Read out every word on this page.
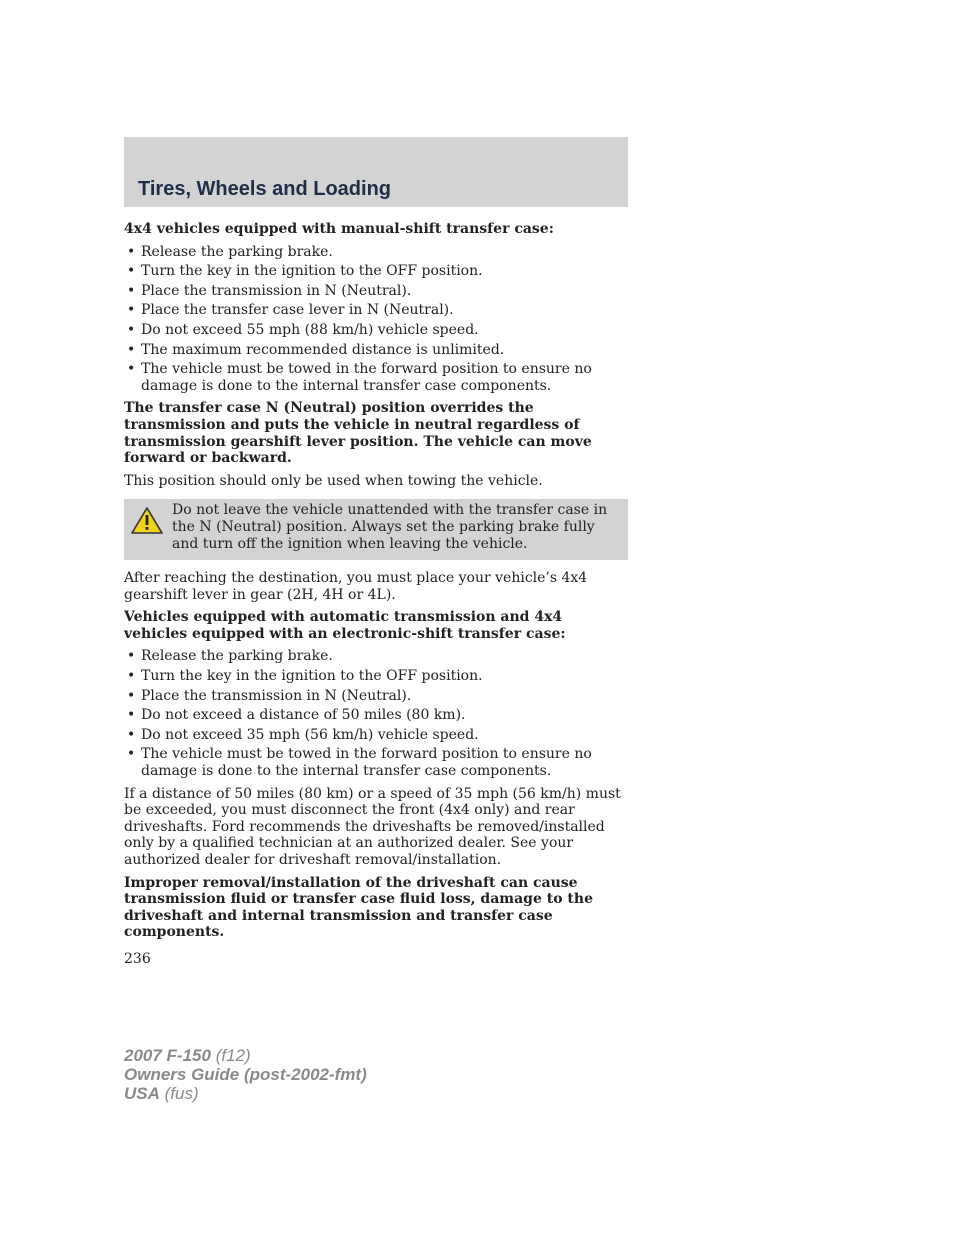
Tires, Wheels and Loading
4x4 vehicles equipped with manual-shift transfer case:
• Release the parking brake.
• Turn the key in the ignition to the OFF position.
• Place the transmission in N (Neutral).
• Place the transfer case lever in N (Neutral).
• Do not exceed 55 mph (88 km/h) vehicle speed.
• The maximum recommended distance is unlimited.
• The vehicle must be towed in the forward position to ensure no damage is done to the internal transfer case components.
The transfer case N (Neutral) position overrides the transmission and puts the vehicle in neutral regardless of transmission gearshift lever position. The vehicle can move forward or backward.
This position should only be used when towing the vehicle.
Do not leave the vehicle unattended with the transfer case in the N (Neutral) position. Always set the parking brake fully and turn off the ignition when leaving the vehicle.
After reaching the destination, you must place your vehicle’s 4x4 gearshift lever in gear (2H, 4H or 4L).
Vehicles equipped with automatic transmission and 4x4 vehicles equipped with an electronic-shift transfer case:
• Release the parking brake.
• Turn the key in the ignition to the OFF position.
• Place the transmission in N (Neutral).
• Do not exceed a distance of 50 miles (80 km).
• Do not exceed 35 mph (56 km/h) vehicle speed.
• The vehicle must be towed in the forward position to ensure no damage is done to the internal transfer case components.
If a distance of 50 miles (80 km) or a speed of 35 mph (56 km/h) must be exceeded, you must disconnect the front (4x4 only) and rear driveshafts. Ford recommends the driveshafts be removed/installed only by a qualified technician at an authorized dealer. See your authorized dealer for driveshaft removal/installation.
Improper removal/installation of the driveshaft can cause transmission fluid or transfer case fluid loss, damage to the driveshaft and internal transmission and transfer case components.
236
2007 F-150 (f12)
Owners Guide (post-2002-fmt)
USA (fus)
